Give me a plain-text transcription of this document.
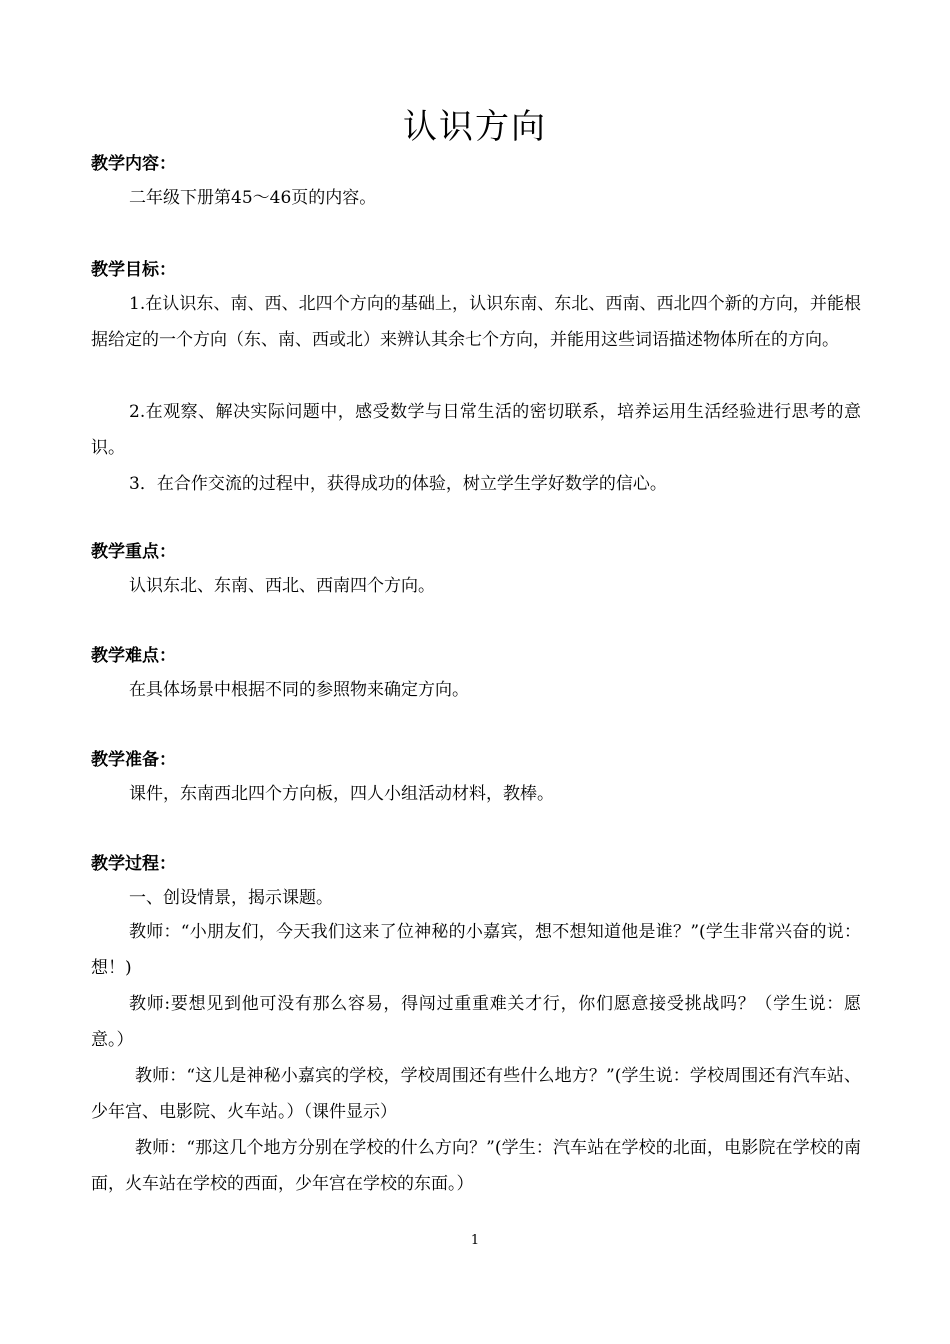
认识方向
教学内容：

二年级下册第45～46页的内容。

教学目标：

1.在认识东、南、西、北四个方向的基础上，认识东南、东北、西南、西北四个新的方向，并能根据给定的一个方向（东、南、西或北）来辨认其余七个方向，并能用这些词语描述物体所在的方向。

2.在观察、解决实际问题中，感受数学与日常生活的密切联系，培养运用生活经验进行思考的意识。

3．在合作交流的过程中，获得成功的体验，树立学生学好数学的信心。

教学重点：

认识东北、东南、西北、西南四个方向。

教学难点：

在具体场景中根据不同的参照物来确定方向。

教学准备：

课件，东南西北四个方向板，四人小组活动材料，教棒。

教学过程：

一、创设情景，揭示课题。

教师：“小朋友们，今天我们这来了位神秘的小嘉宾，想不想知道他是谁？”(学生非常兴奋的说：想！)

教师:要想见到他可没有那么容易，得闯过重重难关才行，你们愿意接受挑战吗？（学生说：愿意。）

教师：“这儿是神秘小嘉宾的学校，学校周围还有些什么地方？”(学生说：学校周围还有汽车站、少年宫、电影院、火车站。）（课件显示）

教师：“那这几个地方分别在学校的什么方向？”(学生：汽车站在学校的北面，电影院在学校的南面，火车站在学校的西面，少年宫在学校的东面。）

1
